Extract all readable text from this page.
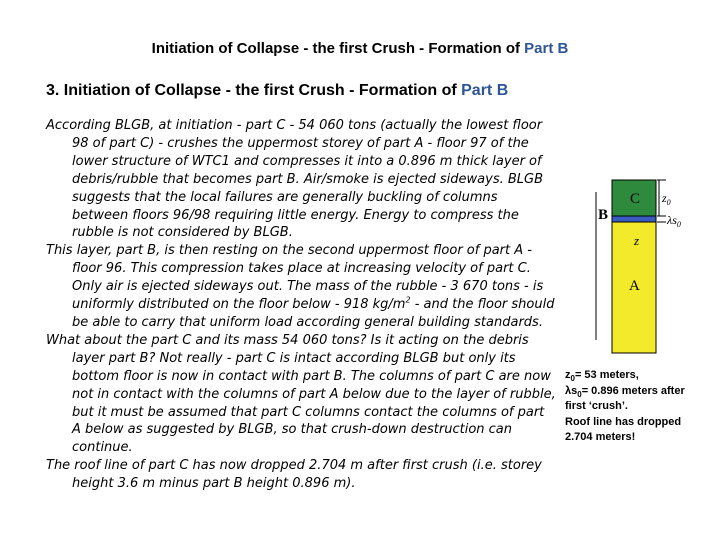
Initiation of Collapse - the first Crush - Formation of Part B
3. Initiation of Collapse - the first Crush - Formation of Part B

According BLGB, at initiation - part C - 54 060 tons (actually the lowest floor 98 of part C) - crushes the uppermost storey of part A - floor 97 of the lower structure of WTC1 and compresses it into a 0.896 m thick layer of debris/rubble that becomes part B. Air/smoke is ejected sideways. BLGB suggests that the local failures are generally buckling of columns between floors 96/98 requiring little energy. Energy to compress the rubble is not considered by BLGB.

This layer, part B, is then resting on the second uppermost floor of part A - floor 96. This compression takes place at increasing velocity of part C. Only air is ejected sideways out. The mass of the rubble - 3 670 tons - is uniformly distributed on the floor below - 918 $kg/m^2$ - and the floor should be able to carry that uniform load according general building standards.

What about the part C and its mass 54 060 tons? Is it acting on the debris layer part B? Not really - part C is intact according BLGB but only its bottom floor is now in contact with part B. The columns of part C are now not in contact with the columns of part A below due to the layer of rubble, but it must be assumed that part C columns contact the columns of part A below as suggested by BLGB, so that crush-down destruction can continue.

The roof line of part C has now dropped 2.704 m after first crush (i.e. storey height 3.6 m minus part B height 0.896 m).

C
B
A
z
$z_0$
$\lambda s_0$
$z_0= 53$ meters,
$\lambda s_0= 0.896$ meters after
first ‘crush’.
Roof line has dropped
2.704 meters!
